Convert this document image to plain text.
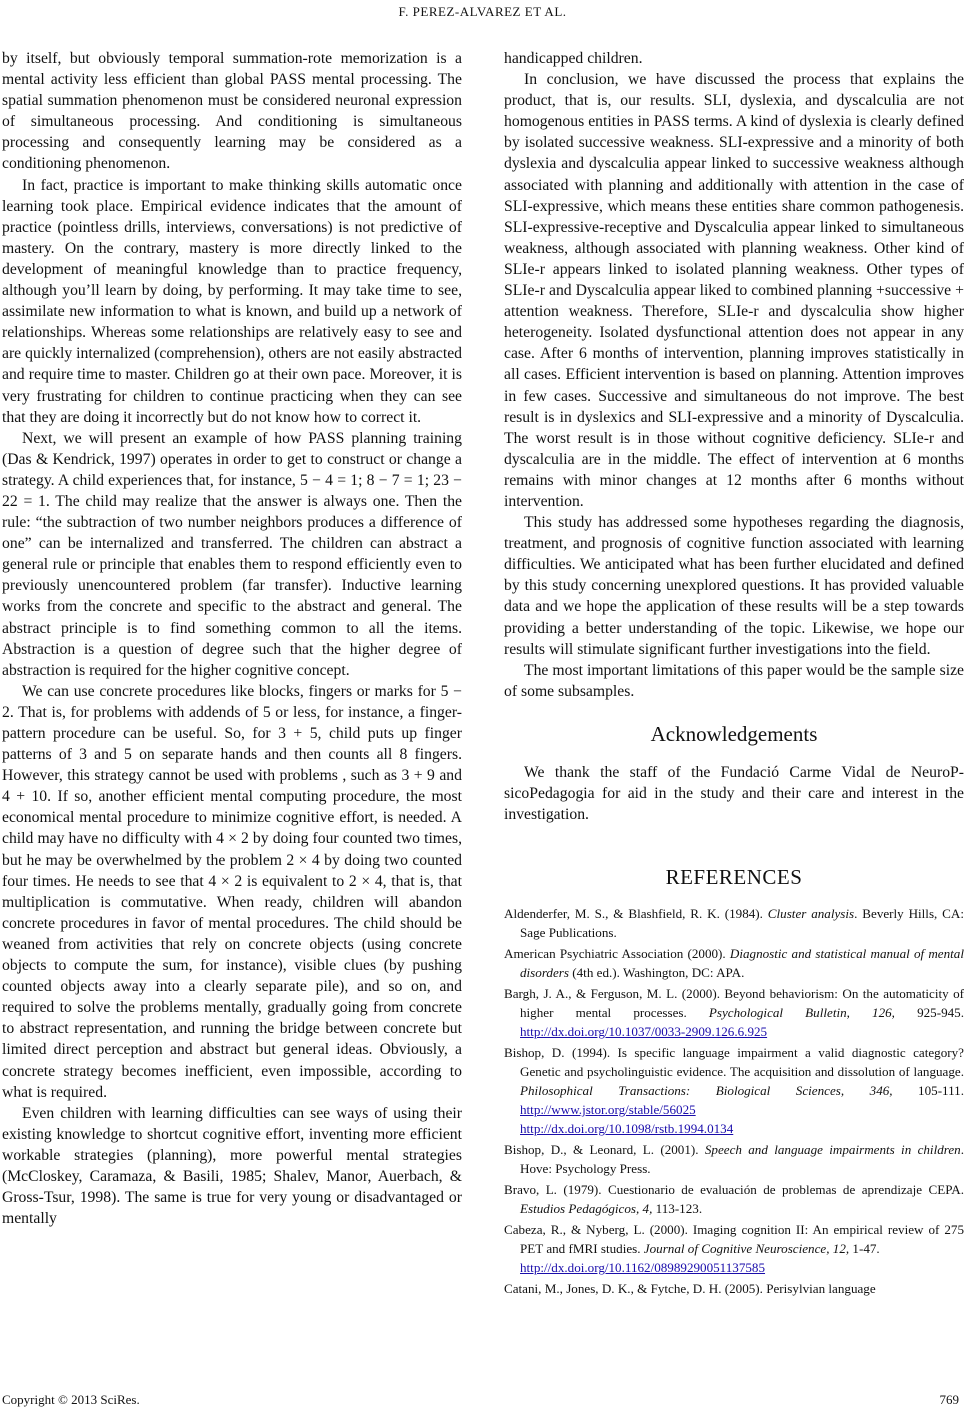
F. PEREZ-ALVAREZ ET AL.

by itself, but obviously temporal summation-rote memorization is a mental activity less efficient than global PASS mental processing. The spatial summation phenomenon must be considered neuronal expression of simultaneous processing. And conditioning is simultaneous processing and consequently learning may be considered as a conditioning phenomenon.

In fact, practice is important to make thinking skills automatic once learning took place. Empirical evidence indicates that the amount of practice (pointless drills, interviews, conversations) is not predictive of mastery. On the contrary, mastery is more directly linked to the development of meaningful knowledge than to practice frequency, although you’ll learn by doing, by performing. It may take time to see, assimilate new information to what is known, and build up a network of relationships. Whereas some relationships are relatively easy to see and are quickly internalized (comprehension), others are not easily abstracted and require time to master. Children go at their own pace. Moreover, it is very frustrating for children to continue practicing when they can see that they are doing it incorrectly but do not know how to correct it.

Next, we will present an example of how PASS planning training (Das & Kendrick, 1997) operates in order to get to construct or change a strategy. A child experiences that, for instance, 5 − 4 = 1; 8 − 7 = 1; 23 − 22 = 1. The child may realize that the answer is always one. Then the rule: “the subtraction of two number neighbors produces a difference of one” can be internalized and transferred. The children can abstract a general rule or principle that enables them to respond efficiently even to previously unencountered problem (far transfer). Inductive learning works from the concrete and specific to the abstract and general. The abstract principle is to find something common to all the items. Abstraction is a question of degree such that the higher degree of abstraction is required for the higher cognitive concept.

We can use concrete procedures like blocks, fingers or marks for 5 − 2. That is, for problems with addends of 5 or less, for instance, a finger-pattern procedure can be useful. So, for 3 + 5, child puts up finger patterns of 3 and 5 on separate hands and then counts all 8 fingers. However, this strategy cannot be used with problems , such as 3 + 9 and 4 + 10. If so, another efficient mental computing procedure, the most economical mental procedure to minimize cognitive effort, is needed. A child may have no difficulty with 4 × 2 by doing four counted two times, but he may be overwhelmed by the problem 2 × 4 by doing two counted four times. He needs to see that 4 × 2 is equivalent to 2 × 4, that is, that multiplication is commutative. When ready, children will abandon concrete procedures in favor of mental procedures. The child should be weaned from activities that rely on concrete objects (using concrete objects to compute the sum, for instance), visible clues (by pushing counted objects away into a clearly separate pile), and so on, and required to solve the problems mentally, gradually going from concrete to abstract representation, and running the bridge between concrete but limited direct perception and abstract but general ideas. Obviously, a concrete strategy becomes inefficient, even impossible, according to what is required.

Even children with learning difficulties can see ways of using their existing knowledge to shortcut cognitive effort, inventing more efficient workable strategies (planning), more powerful mental strategies (McCloskey, Caramaza, & Basili, 1985; Shalev, Manor, Auerbach, & Gross-Tsur, 1998). The same is true for very young or disadvantaged or mentally

handicapped children.

In conclusion, we have discussed the process that explains the product, that is, our results. SLI, dyslexia, and dyscalculia are not homogenous entities in PASS terms. A kind of dyslexia is clearly defined by isolated successive weakness. SLI-expressive and a minority of both dyslexia and dyscalculia appear linked to successive weakness although associated with planning and additionally with attention in the case of SLI-expressive, which means these entities share common pathogenesis. SLI-expressive-receptive and Dyscalculia appear linked to simultaneous weakness, although associated with planning weakness. Other kind of SLIe-r appears linked to isolated planning weakness. Other types of SLIe-r and Dyscalculia appear liked to combined planning +successive + attention weakness. Therefore, SLIe-r and dyscalculia show higher heterogeneity. Isolated dysfunctional attention does not appear in any case. After 6 months of intervention, planning improves statistically in all cases. Efficient intervention is based on planning. Attention improves in few cases. Successive and simultaneous do not improve. The best result is in dyslexics and SLI-expressive and a minority of Dyscalculia. The worst result is in those without cognitive deficiency. SLIe-r and dyscalculia are in the middle. The effect of intervention at 6 months remains with minor changes at 12 months after 6 months without intervention.

This study has addressed some hypotheses regarding the diagnosis, treatment, and prognosis of cognitive function associated with learning difficulties. We anticipated what has been further elucidated and defined by this study concerning unexplored questions. It has provided valuable data and we hope the application of these results will be a step towards providing a better understanding of the topic. Likewise, we hope our results will stimulate significant further investigations into the field.

The most important limitations of this paper would be the sample size of some subsamples.

Acknowledgements

We thank the staff of the Fundació Carme Vidal de NeuroPsicoPedagogia for aid in the study and their care and interest in the investigation.

REFERENCES

Aldenderfer, M. S., & Blashfield, R. K. (1984). Cluster analysis. Beverly Hills, CA: Sage Publications.

American Psychiatric Association (2000). Diagnostic and statistical manual of mental disorders (4th ed.). Washington, DC: APA.

Bargh, J. A., & Ferguson, M. L. (2000). Beyond behaviorism: On the automaticity of higher mental processes. Psychological Bulletin, 126, 925-945. http://dx.doi.org/10.1037/0033-2909.126.6.925

Bishop, D. (1994). Is specific language impairment a valid diagnostic category? Genetic and psycholinguistic evidence. The acquisition and dissolution of language. Philosophical Transactions: Biological Sciences, 346, 105-111. http://www.jstor.org/stable/56025
http://dx.doi.org/10.1098/rstb.1994.0134

Bishop, D., & Leonard, L. (2001). Speech and language impairments in children. Hove: Psychology Press.

Bravo, L. (1979). Cuestionario de evaluación de problemas de aprendizaje CEPA. Estudios Pedagógicos, 4, 113-123.

Cabeza, R., & Nyberg, L. (2000). Imaging cognition II: An empirical review of 275 PET and fMRI studies. Journal of Cognitive Neuroscience, 12, 1-47.
http://dx.doi.org/10.1162/08989290051137585

Catani, M., Jones, D. K., & Fytche, D. H. (2005). Perisylvian language

Copyright © 2013 SciRes.	769
